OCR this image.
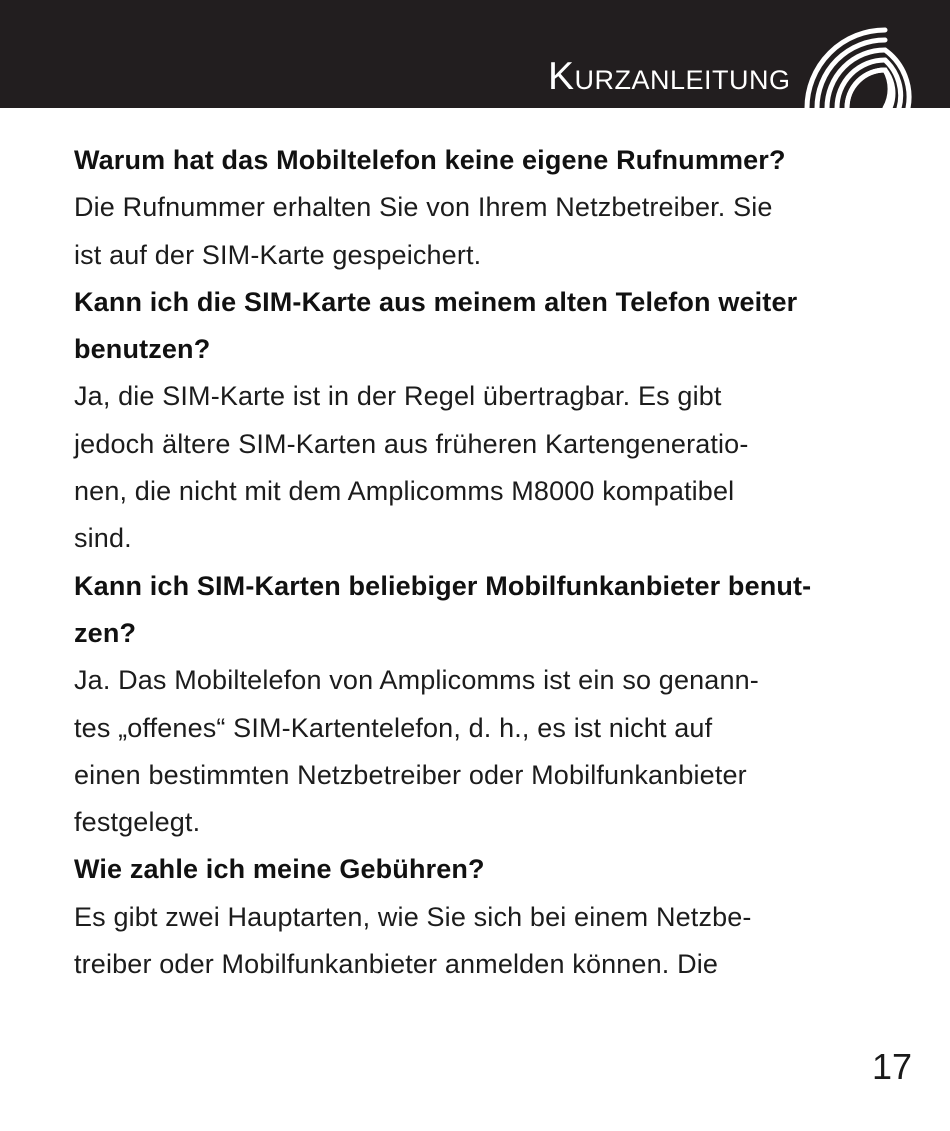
KURZANLEITUNG
Warum hat das Mobiltelefon keine eigene Rufnummer?
Die Rufnummer erhalten Sie von Ihrem Netzbetreiber. Sie
ist auf der SIM-Karte gespeichert.
Kann ich die SIM-Karte aus meinem alten Telefon weiter
benutzen?
Ja, die SIM-Karte ist in der Regel übertragbar. Es gibt
jedoch ältere SIM-Karten aus früheren Kartengeneratio-
nen, die nicht mit dem Amplicomms M8000 kompatibel
sind.
Kann ich SIM-Karten beliebiger Mobilfunkanbieter benut-
zen?
Ja. Das Mobiltelefon von Amplicomms ist ein so genann-
tes „offenes“ SIM-Kartentelefon, d. h., es ist nicht auf
einen bestimmten Netzbetreiber oder Mobilfunkanbieter
festgelegt.
Wie zahle ich meine Gebühren?
Es gibt zwei Hauptarten, wie Sie sich bei einem Netzbe-
treiber oder Mobilfunkanbieter anmelden können. Die
17
